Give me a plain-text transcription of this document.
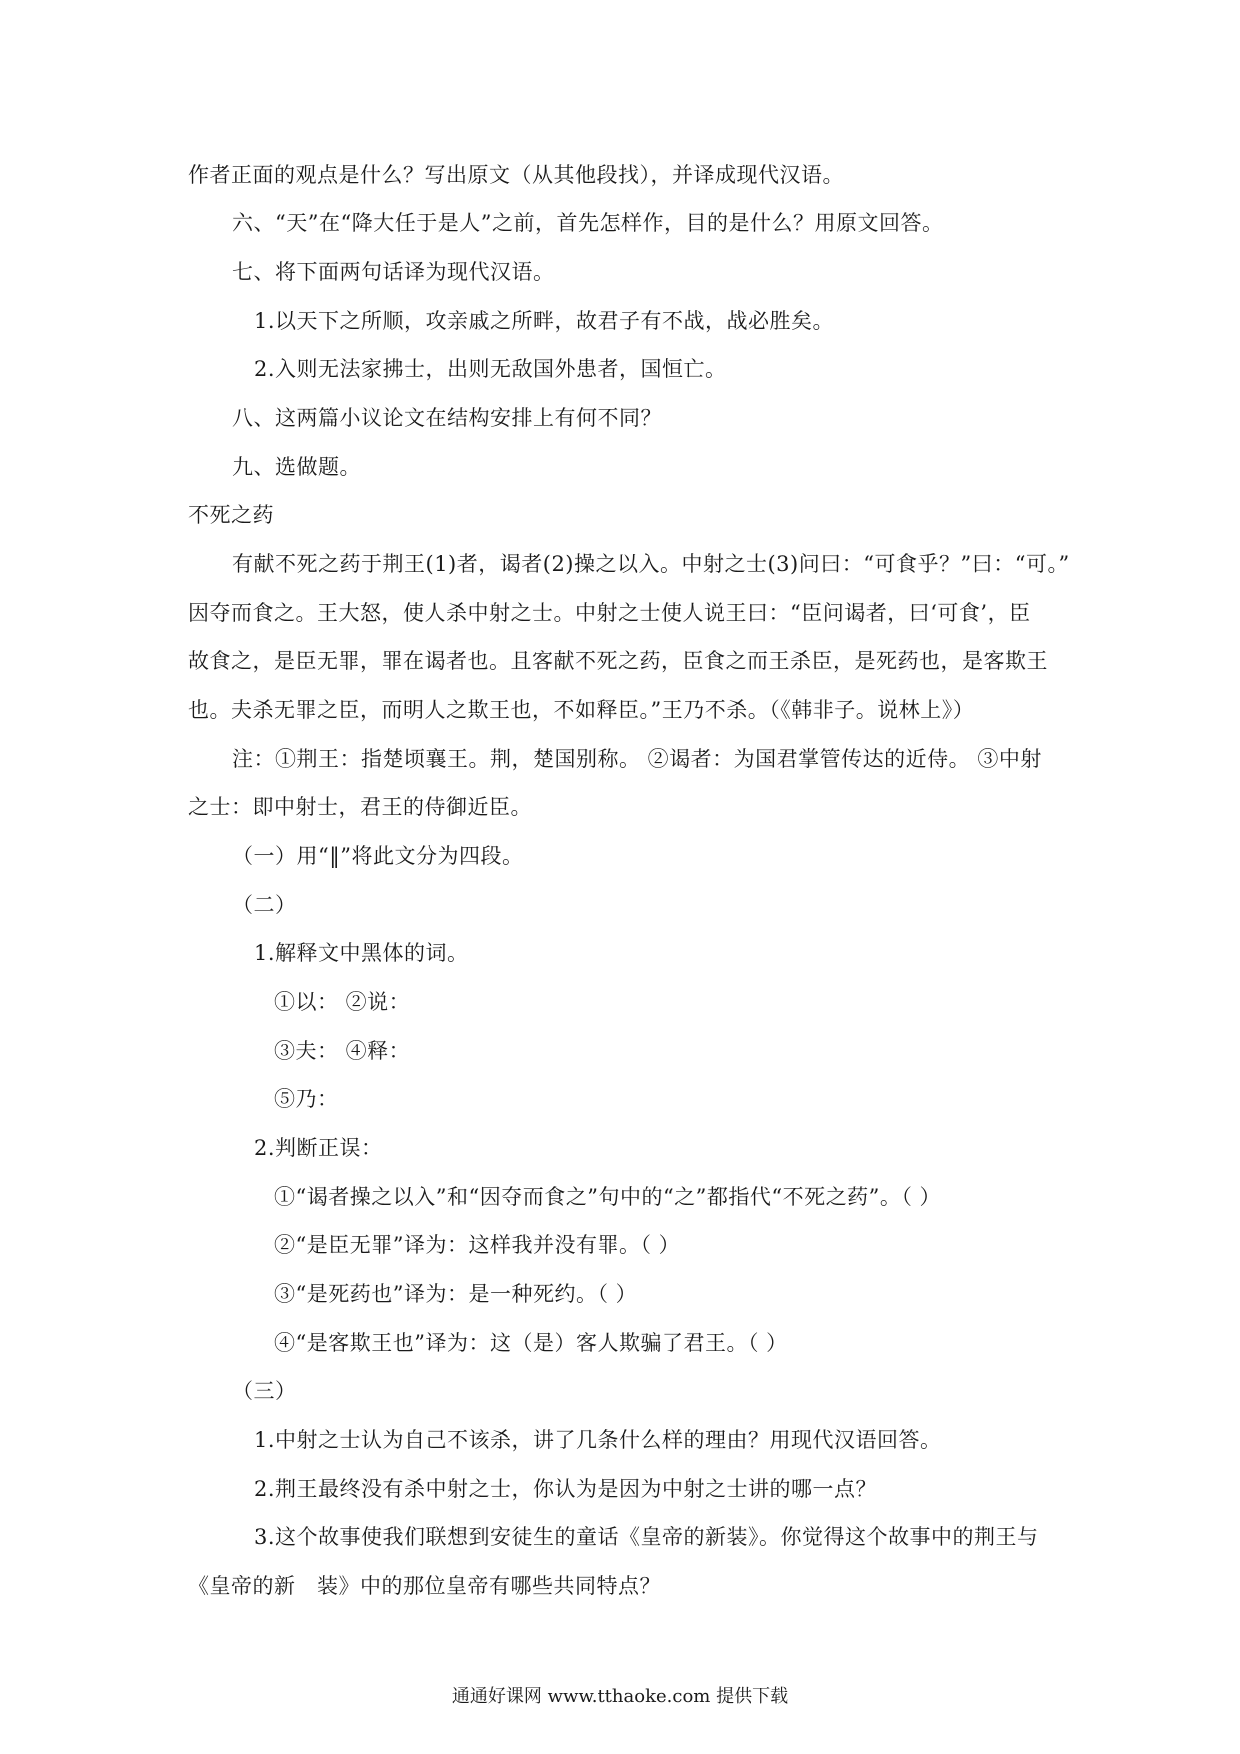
作者正面的观点是什么？写出原文（从其他段找），并译成现代汉语。
六、“天”在“降大任于是人”之前，首先怎样作，目的是什么？用原文回答。
七、将下面两句话译为现代汉语。
1.以天下之所顺，攻亲戚之所畔，故君子有不战，战必胜矣。
2.入则无法家拂士，出则无敌国外患者，国恒亡。
八、这两篇小议论文在结构安排上有何不同？
九、选做题。
不死之药
有献不死之药于荆王(1)者，谒者(2)操之以入。中射之士(3)问曰：“可食乎？”曰：“可。”
因夺而食之。王大怒，使人杀中射之士。中射之士使人说王曰：“臣问谒者，曰‘可食’，臣
故食之，是臣无罪，罪在谒者也。且客献不死之药，臣食之而王杀臣，是死药也，是客欺王
也。夫杀无罪之臣，而明人之欺王也，不如释臣。”王乃不杀。（《韩非子。说林上》）
注：①荆王：指楚顷襄王。荆，楚国别称。 ②谒者：为国君掌管传达的近侍。 ③中射
之士：即中射士，君王的侍御近臣。
（一）用“‖”将此文分为四段。
（二）
1.解释文中黑体的词。
①以： ②说：
③夫： ④释：
⑤乃：
2.判断正误：
①“谒者操之以入”和“因夺而食之”句中的“之”都指代“不死之药”。（ ）
②“是臣无罪”译为：这样我并没有罪。（ ）
③“是死药也”译为：是一种死约。（ ）
④“是客欺王也”译为：这（是）客人欺骗了君王。（ ）
（三）
1.中射之士认为自己不该杀，讲了几条什么样的理由？用现代汉语回答。
2.荆王最终没有杀中射之士，你认为是因为中射之士讲的哪一点？
3.这个故事使我们联想到安徒生的童话《皇帝的新装》。你觉得这个故事中的荆王与
《皇帝的新　装》中的那位皇帝有哪些共同特点？
通通好课网 www.tthaoke.com 提供下载
